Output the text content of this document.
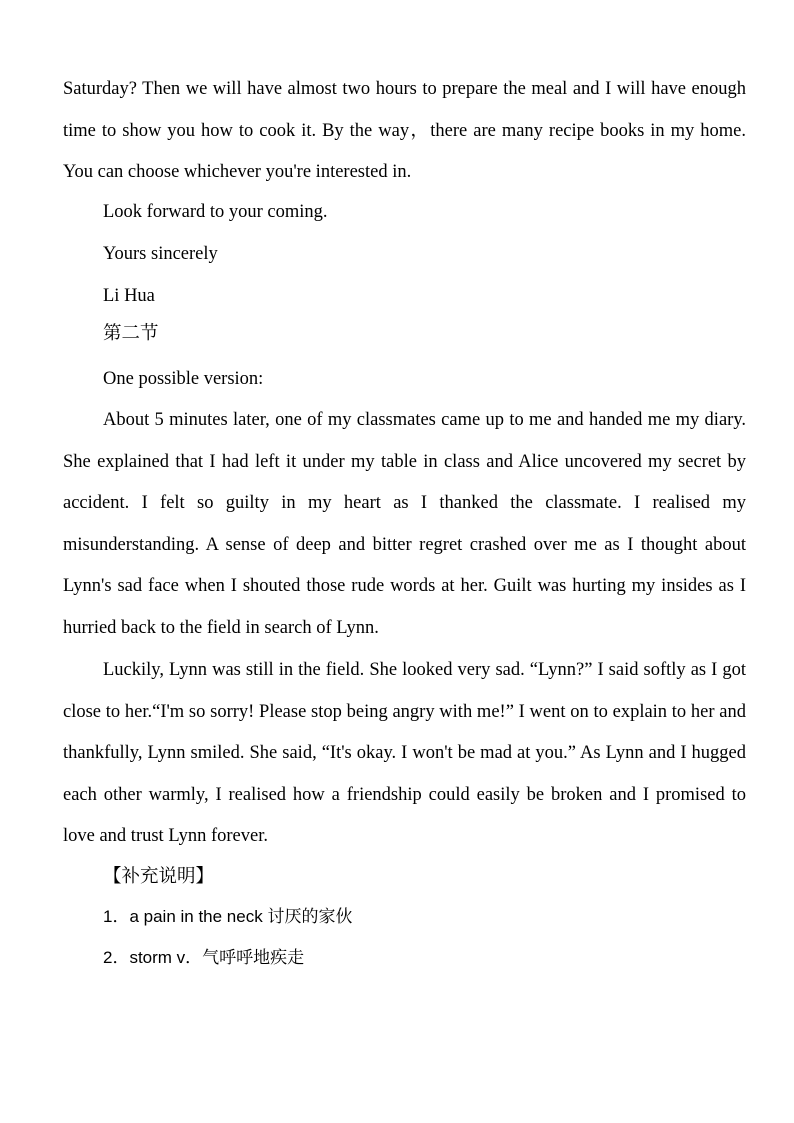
Saturday? Then we will have almost two hours to prepare the meal and I will have enough time to show you how to cook it. By the way，there are many recipe books in my home. You can choose whichever you're interested in.

Look forward to your coming.

Yours sincerely

Li Hua

第二节

One possible version:

About 5 minutes later, one of my classmates came up to me and handed me my diary. She explained that I had left it under my table in class and Alice uncovered my secret by accident. I felt so guilty in my heart as I thanked the classmate. I realised my misunderstanding. A sense of deep and bitter regret crashed over me as I thought about Lynn's sad face when I shouted those rude words at her. Guilt was hurting my insides as I hurried back to the field in search of Lynn.

Luckily, Lynn was still in the field. She looked very sad. “Lynn?” I said softly as I got close to her.“I'm so sorry! Please stop being angry with me!” I went on to explain to her and thankfully, Lynn smiled. She said, “It's okay. I won't be mad at you.” As Lynn and I hugged each other warmly, I realised how a friendship could easily be broken and I promised to love and trust Lynn forever.

【补充说明】

1．a pain in the neck 讨厌的家伙

2．storm v．气呼呼地疾走
